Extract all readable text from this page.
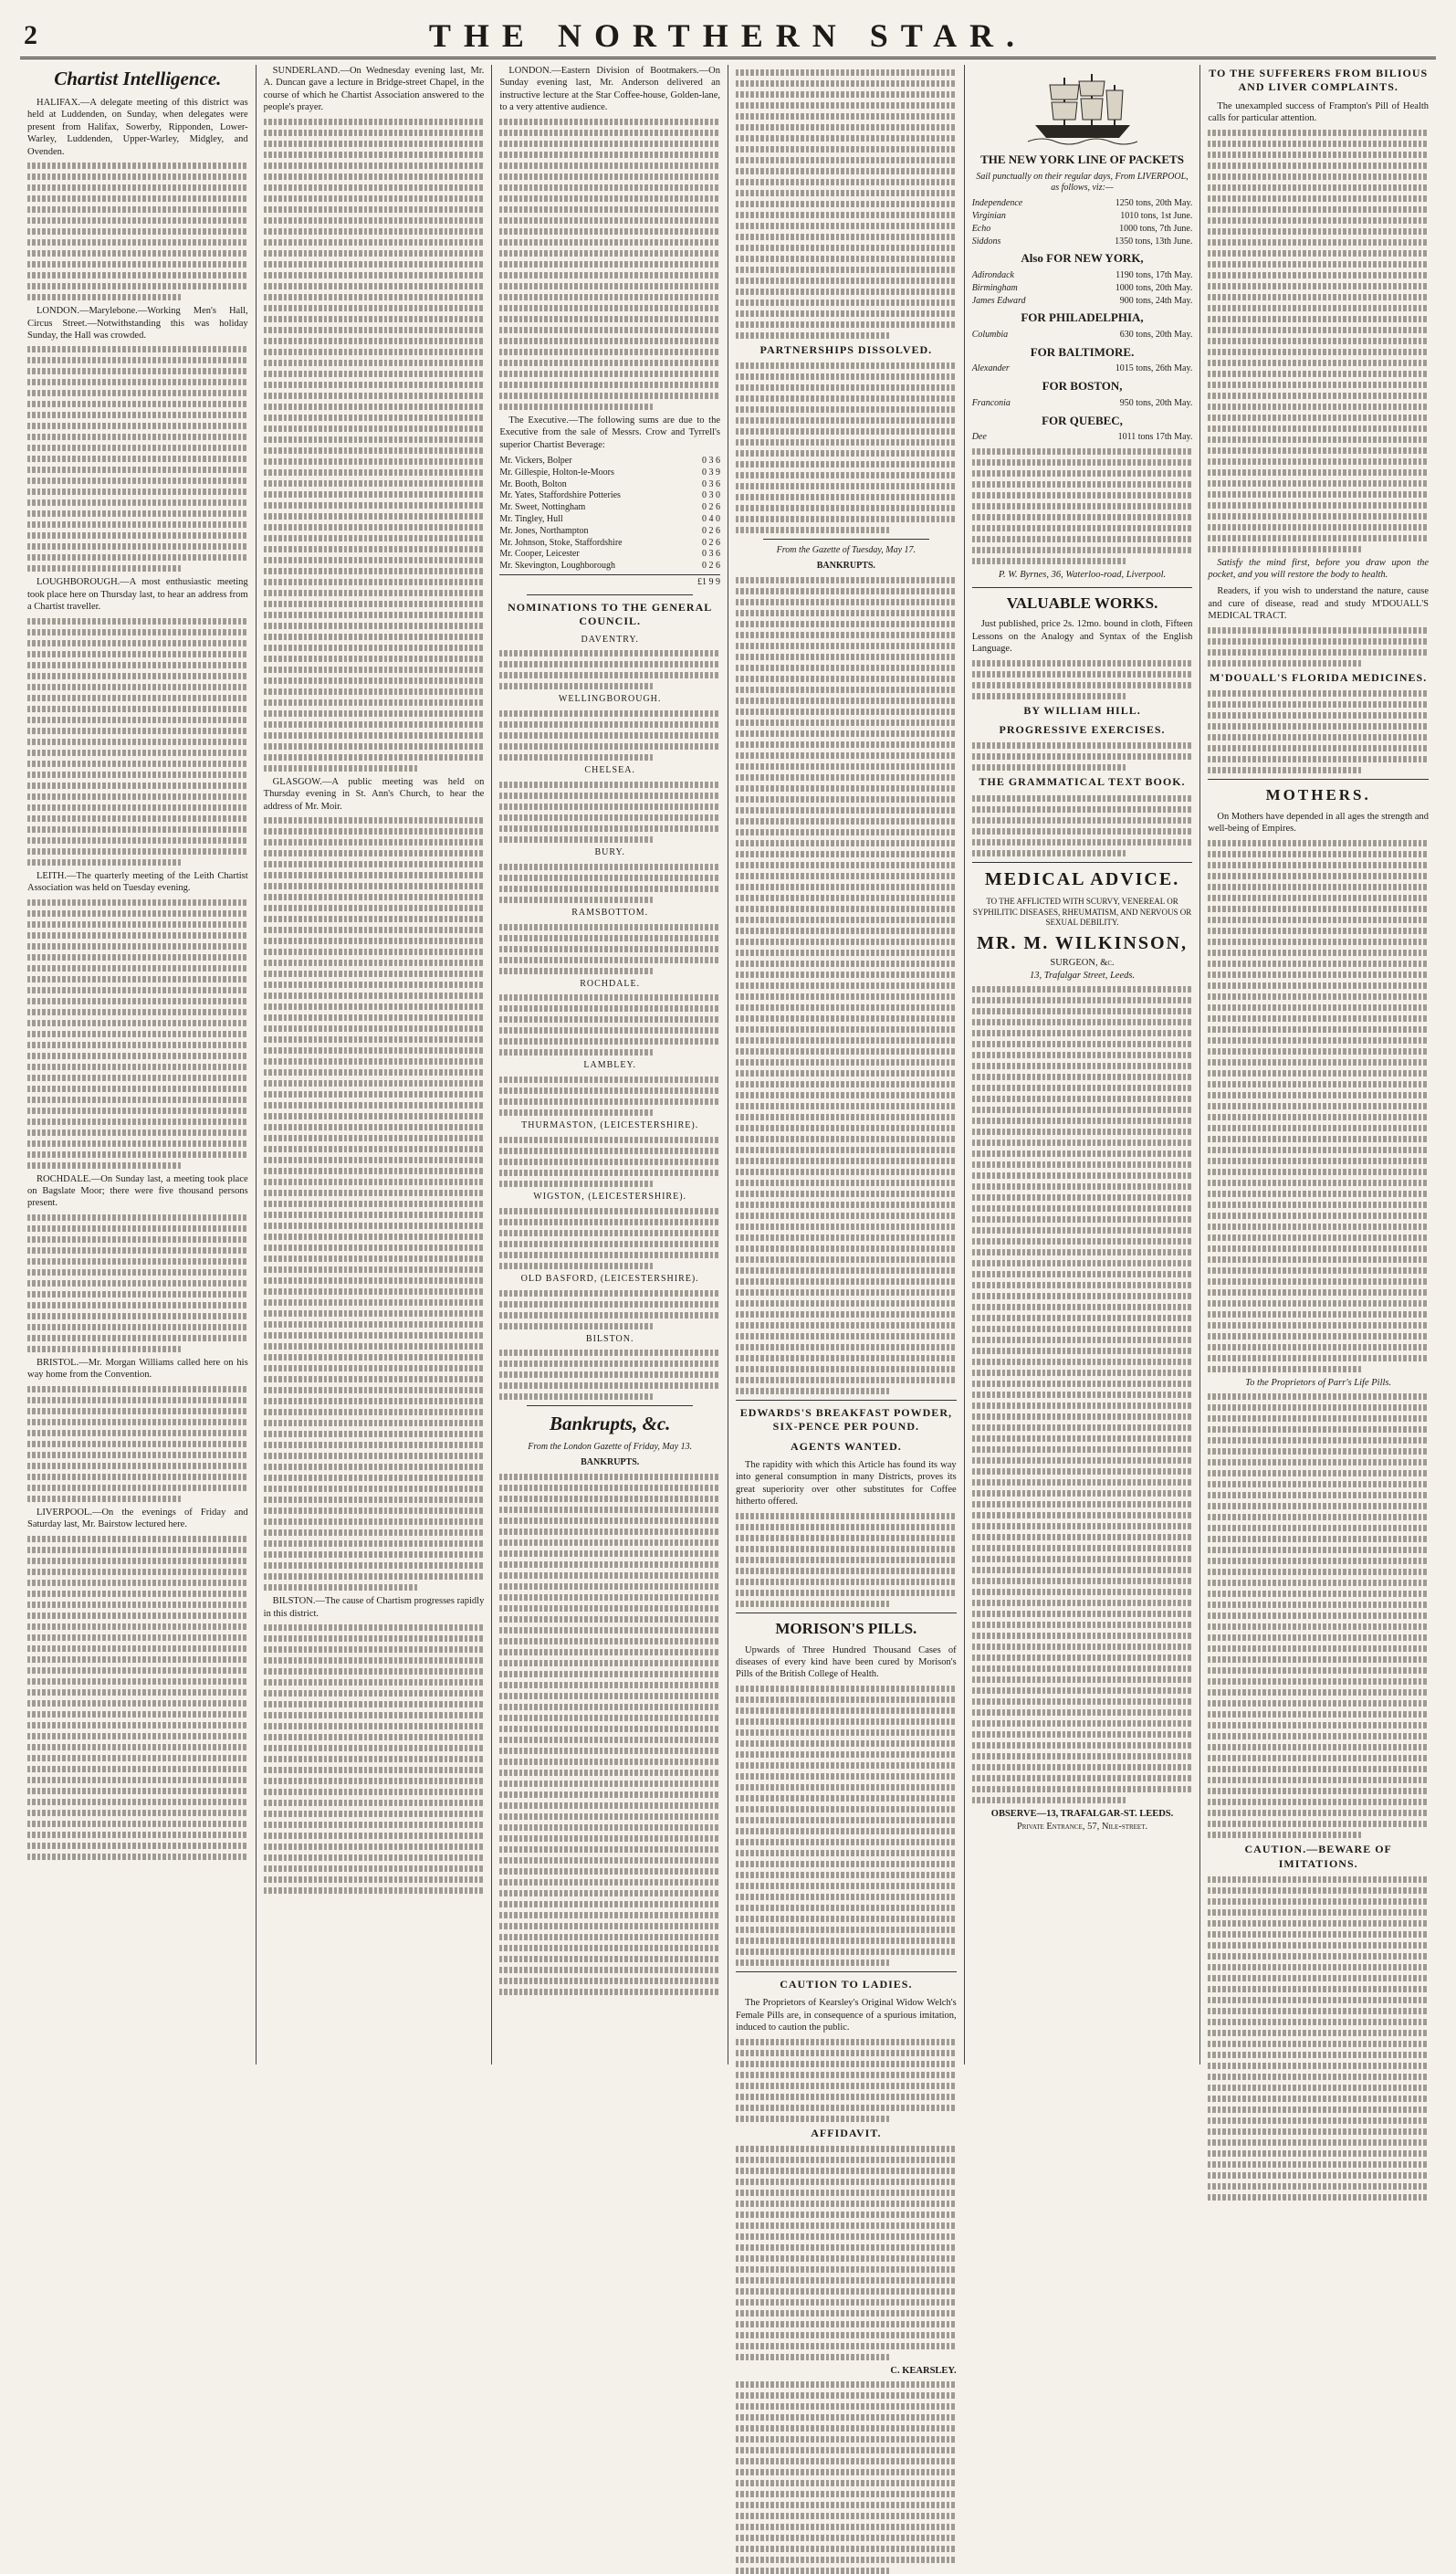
2	THE NORTHERN STAR.
Chartist Intelligence.

HALIFAX.—A delegate meeting of this district was held at Luddenden, on Sunday, when delegates were present from Halifax, Sowerby, Ripponden, Lower-Warley, Luddenden, Upper-Warley, Midgley, and Ovenden.

LONDON.—Marylebone.—Working Men's Hall, Circus Street.—Notwithstanding this was holiday Sunday, the Hall was crowded.

LOUGHBOROUGH.—A most enthusiastic meeting took place here on Thursday last, to hear an address from a Chartist traveller.

LEITH.—The quarterly meeting of the Leith Chartist Association was held on Tuesday evening.

ROCHDALE.—On Sunday last, a meeting took place on Bagslate Moor; there were five thousand persons present.

BRISTOL.—Mr. Morgan Williams called here on his way home from the Convention.

LIVERPOOL.—On the evenings of Friday and Saturday last, Mr. Bairstow lectured here.

SUNDERLAND.—On Wednesday evening last, Mr. A. Duncan gave a lecture in Bridge-street Chapel, in the course of which he Chartist Association answered to the people's prayer.

GLASGOW.—A public meeting was held on Thursday evening in St. Ann's Church, to hear the address of Mr. Moir.

BILSTON.—The cause of Chartism progresses rapidly in this district.

LONDON.—Eastern Division of Bootmakers.—On Sunday evening last, Mr. Anderson delivered an instructive lecture at the Star Coffee-house, Golden-lane, to a very attentive audience.

The Executive.—The following sums are due to the Executive from the sale of Messrs. Crow and Tyrrell's superior Chartist Beverage:

Mr. Vickers, Bolper	0 3 6
Mr. Gillespie, Holton-le-Moors	0 3 9
Mr. Booth, Bolton	0 3 6
Mr. Yates, Staffordshire Potteries	0 3 0
Mr. Sweet, Nottingham	0 2 6
Mr. Tingley, Hull	0 4 0
Mr. Jones, Northampton	0 2 6
Mr. Johnson, Stoke, Staffordshire	0 2 6
Mr. Cooper, Leicester	0 3 6
Mr. Skevington, Loughborough	0 2 6
£1 9 9
NOMINATIONS TO THE GENERAL COUNCIL.
DAVENTRY.
WELLINGBOROUGH.
CHELSEA.
BURY.
RAMSBOTTOM.
ROCHDALE.
LAMBLEY.
THURMASTON, (LEICESTERSHIRE).
WIGSTON, (LEICESTERSHIRE).
OLD BASFORD, (LEICESTERSHIRE).
BILSTON.
Bankrupts, &c.
From the London Gazette of Friday, May 13.
BANKRUPTS.
PARTNERSHIPS DISSOLVED.
From the Gazette of Tuesday, May 17.
BANKRUPTS.
EDWARDS'S BREAKFAST POWDER, SIX-PENCE PER POUND.
AGENTS WANTED.

The rapidity with which this Article has found its way into general consumption in many Districts, proves its great superiority over other substitutes for Coffee hitherto offered.

MORISON'S PILLS.

Upwards of Three Hundred Thousand Cases of diseases of every kind have been cured by Morison's Pills of the British College of Health.

CAUTION TO LADIES.

The Proprietors of Kearsley's Original Widow Welch's Female Pills are, in consequence of a spurious imitation, induced to caution the public.

AFFIDAVIT.
C. KEARSLEY.
THE NEW YORK LINE OF PACKETS
Sail punctually on their regular days, From LIVERPOOL, as follows, viz:—
Independence	1250 tons, 20th May.
Virginian	1010 tons, 1st June.
Echo	1000 tons, 7th June.
Siddons	1350 tons, 13th June.
Also FOR NEW YORK,
Adirondack	1190 tons, 17th May.
Birmingham	1000 tons, 20th May.
James Edward	900 tons, 24th May.
FOR PHILADELPHIA,
Columbia	630 tons, 20th May.
FOR BALTIMORE.
Alexander	1015 tons, 26th May.
FOR BOSTON,
Franconia	950 tons, 20th May.
FOR QUEBEC,
Dee	1011 tons 17th May.
P. W. Byrnes, 36, Waterloo-road, Liverpool.
VALUABLE WORKS.

Just published, price 2s. 12mo. bound in cloth, Fifteen Lessons on the Analogy and Syntax of the English Language.

BY WILLIAM HILL.
PROGRESSIVE EXERCISES.
THE GRAMMATICAL TEXT BOOK.
MEDICAL ADVICE.
TO THE AFFLICTED WITH SCURVY, VENEREAL OR SYPHILITIC DISEASES, RHEUMATISM, AND NERVOUS OR SEXUAL DEBILITY.
MR. M. WILKINSON,
SURGEON, &c.
13, Trafalgar Street, Leeds.
OBSERVE—13, TRAFALGAR-ST. LEEDS.
Private Entrance, 57, Nile-street.
TO THE SUFFERERS FROM BILIOUS AND LIVER COMPLAINTS.

The unexampled success of Frampton's Pill of Health calls for particular attention.

Satisfy the mind first, before you draw upon the pocket, and you will restore the body to health.

Readers, if you wish to understand the nature, cause and cure of disease, read and study M'DOUALL'S MEDICAL TRACT.

M'DOUALL'S FLORIDA MEDICINES.
MOTHERS.

On Mothers have depended in all ages the strength and well-being of Empires.

To the Proprietors of Parr's Life Pills.
CAUTION.—BEWARE OF IMITATIONS.
